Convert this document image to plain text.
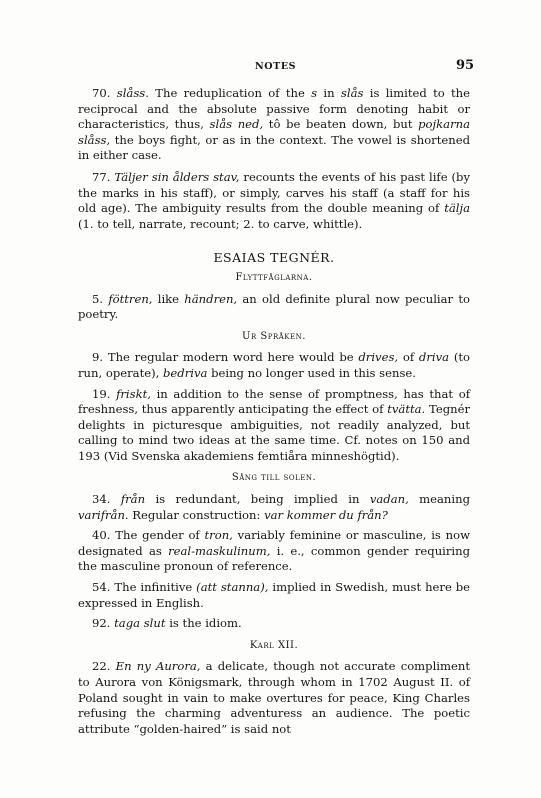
NOTES	95

70. slåss. The reduplication of the s in slås is limited to the reciprocal and the absolute passive form denoting habit or characteristics, thus, slås ned, tô be beaten down, but pojkarna slåss, the boys fight, or as in the context. The vowel is shortened in either case.

77. Täljer sin ålders stav, recounts the events of his past life (by the marks in his staff), or simply, carves his staff (a staff for his old age). The ambiguity results from the double meaning of tälja (1. to tell, narrate, recount; 2. to carve, whittle).

ESAIAS TEGNÉR.
Flyttfåglarna.

5. föttren, like händren, an old definite plural now peculiar to poetry.

Ur Språken.

9. The regular modern word here would be drives, of driva (to run, operate), bedriva being no longer used in this sense.

19. friskt, in addition to the sense of promptness, has that of freshness, thus apparently anticipating the effect of tvätta. Tegnér delights in picturesque ambiguities, not readily analyzed, but calling to mind two ideas at the same time. Cf. notes on 150 and 193 (Vid Svenska akademiens femtiåra minneshögtid).

Sång till solen.

34. från is redundant, being implied in vadan, meaning varifrån. Regular construction: var kommer du från?

40. The gender of tron, variably feminine or masculine, is now designated as real-maskulinum, i. e., common gender requiring the masculine pronoun of reference.

54. The infinitive (att stanna), implied in Swedish, must here be expressed in English.

92. taga slut is the idiom.

Karl XII.

22. En ny Aurora, a delicate, though not accurate compliment to Aurora von Königsmark, through whom in 1702 August II. of Poland sought in vain to make overtures for peace, King Charles refusing the charming adventuress an audience. The poetic attribute “golden-haired” is said not
